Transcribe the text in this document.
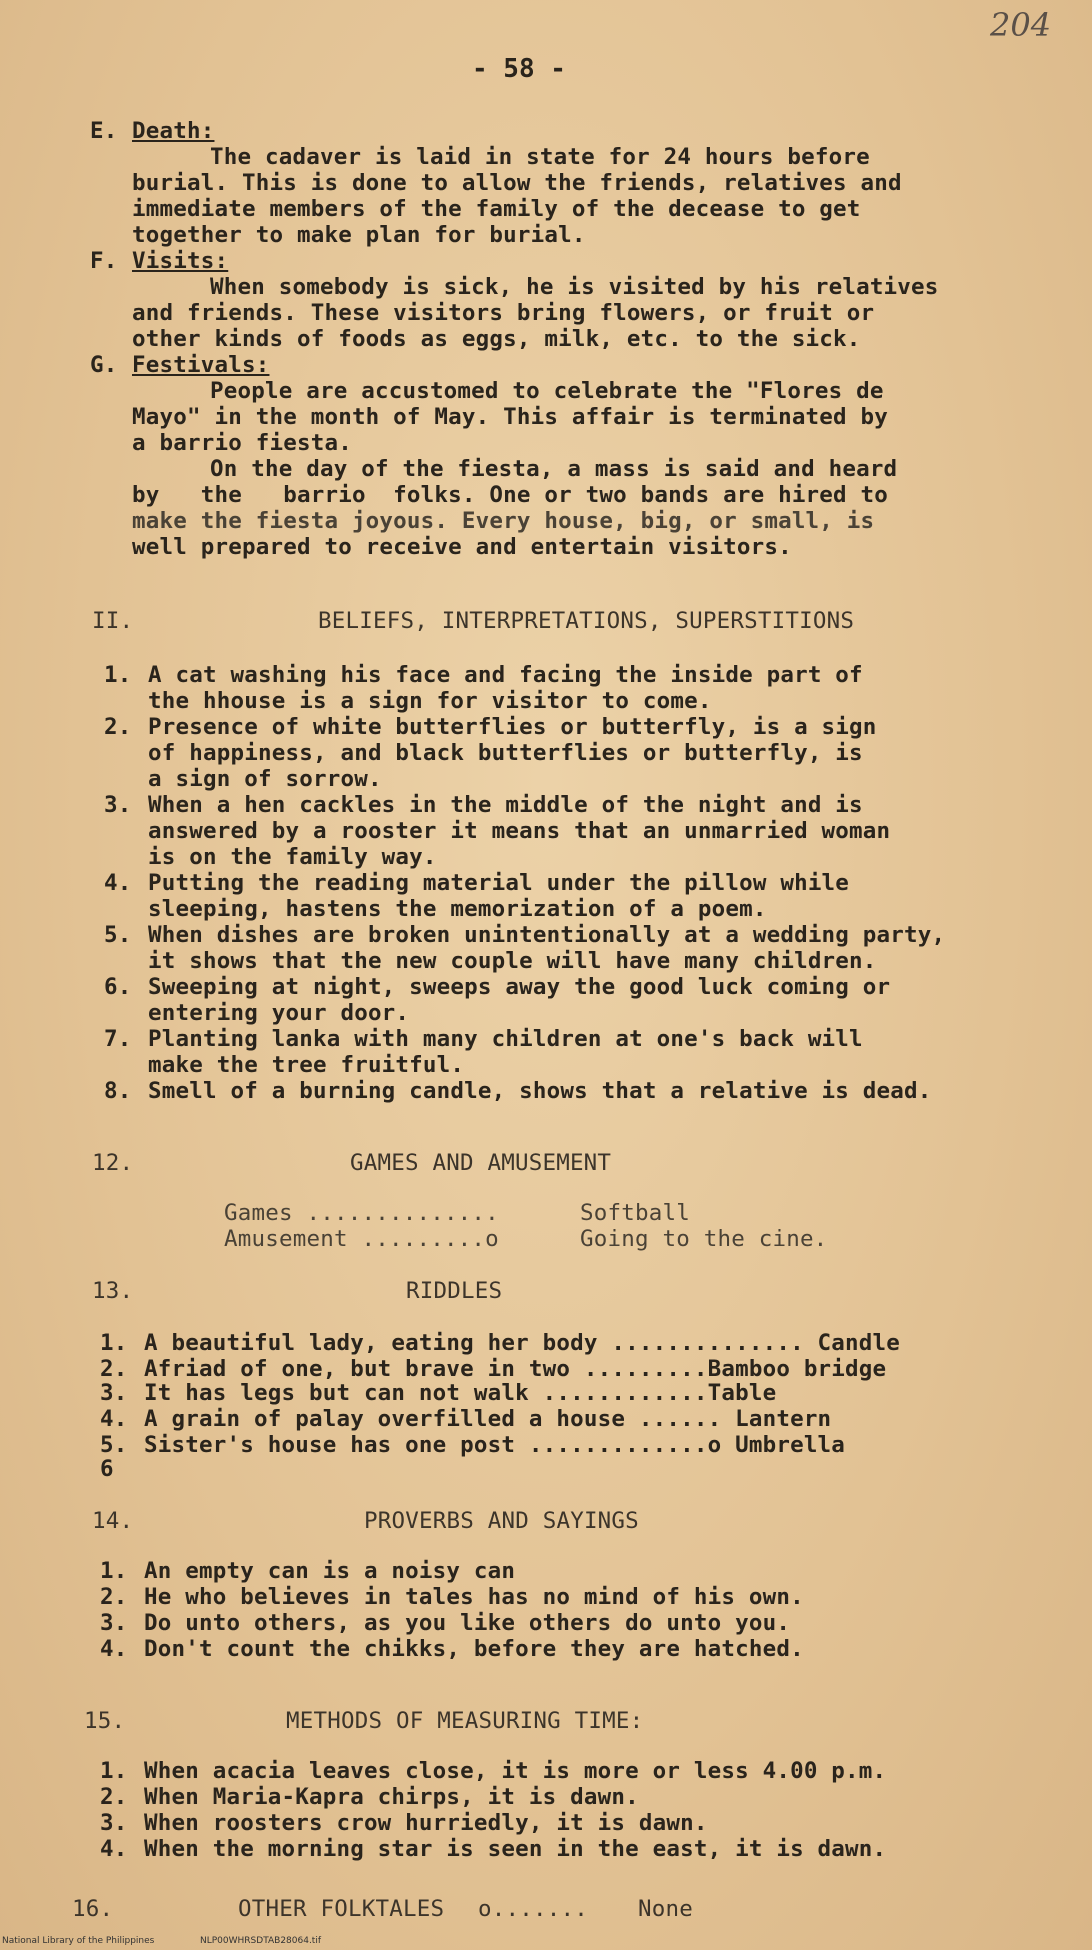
204
- 58 -
E. Death:
The cadaver is laid in state for 24 hours before
burial. This is done to allow the friends, relatives and
immediate members of the family of the decease to get
together to make plan for burial.
F. Visits:
When somebody is sick, he is visited by his relatives
and friends. These visitors bring flowers, or fruit or
other kinds of foods as eggs, milk, etc. to the sick.
G. Festivals:
People are accustomed to celebrate the "Flores de
Mayo" in the month of May. This affair is terminated by
a barrio fiesta.
On the day of the fiesta, a mass is said and heard
by   the   barrio  folks. One or two bands are hired to
make the fiesta joyous. Every house, big, or small, is
well prepared to receive and entertain visitors.
II.	BELIEFS, INTERPRETATIONS, SUPERSTITIONS
1. A cat washing his face and facing the inside part of
the hhouse is a sign for visitor to come.
2. Presence of white butterflies or butterfly, is a sign
of happiness, and black butterflies or butterfly, is
a sign of sorrow.
3. When a hen cackles in the middle of the night and is
answered by a rooster it means that an unmarried woman
is on the family way.
4. Putting the reading material under the pillow while
sleeping, hastens the memorization of a poem.
5. When dishes are broken unintentionally at a wedding party,
it shows that the new couple will have many children.
6. Sweeping at night, sweeps away the good luck coming or
entering your door.
7. Planting lanka with many children at one's back will
make the tree fruitful.
8. Smell of a burning candle, shows that a relative is dead.
12.	GAMES AND AMUSEMENT
Games ..............	Softball
Amusement .........o	Going to the cine.
13.	RIDDLES
1. A beautiful lady, eating her body .............. Candle
2. Afriad of one, but brave in two .........Bamboo bridge
3. It has legs but can not walk ............Table
4. A grain of palay overfilled a house ...... Lantern
5. Sister's house has one post .............o Umbrella
6
14.	PROVERBS AND SAYINGS
1. An empty can is a noisy can
2. He who believes in tales has no mind of his own.
3. Do unto others, as you like others do unto you.
4. Don't count the chikks, before they are hatched.
15.	METHODS OF MEASURING TIME:
1. When acacia leaves close, it is more or less 4.00 p.m.
2. When Maria-Kapra chirps, it is dawn.
3. When roosters crow hurriedly, it is dawn.
4. When the morning star is seen in the east, it is dawn.
16.	OTHER FOLKTALES o....... None
National Library of the Philippines	NLP00WHRSDTAB28064.tif
